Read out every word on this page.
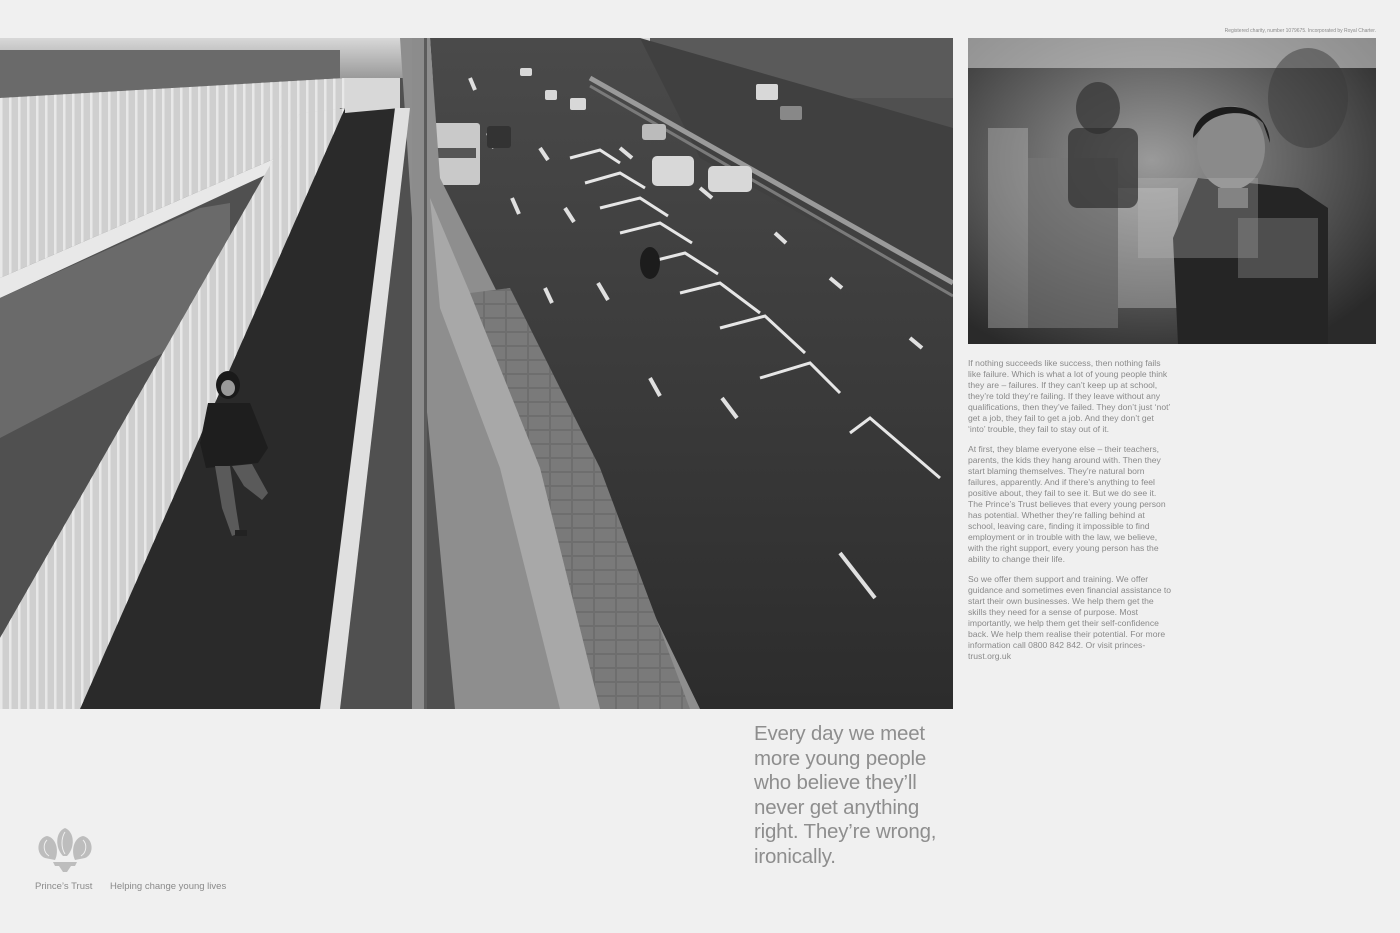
Registered charity, number 1079675. Incorporated by Royal Charter.

If nothing succeeds like success, then nothing fails like failure. Which is what a lot of young people think they are – failures. If they can’t keep up at school, they’re told they’re failing. If they leave without any qualifications, then they’ve failed. They don’t just ‘not’ get a job, they fail to get a job. And they don’t get ‘into’ trouble, they fail to stay out of it.

At first, they blame everyone else – their teachers, parents, the kids they hang around with. Then they start blaming themselves. They’re natural born failures, apparently. And if there’s anything to feel positive about, they fail to see it. But we do see it. The Prince’s Trust believes that every young person has potential. Whether they’re falling behind at school, leaving care, finding it impossible to find employment or in trouble with the law, we believe, with the right support, every young person has the ability to change their life.

So we offer them support and training. We offer guidance and sometimes even financial assistance to start their own businesses. We help them get the skills they need for a sense of purpose. Most importantly, we help them get their self-confidence back. We help them realise their potential. For more information call 0800 842 842. Or visit princes-trust.org.uk

Every day we meet more young people who believe they’ll never get anything right. They’re wrong, ironically.
Prince’s Trust Helping change young lives
